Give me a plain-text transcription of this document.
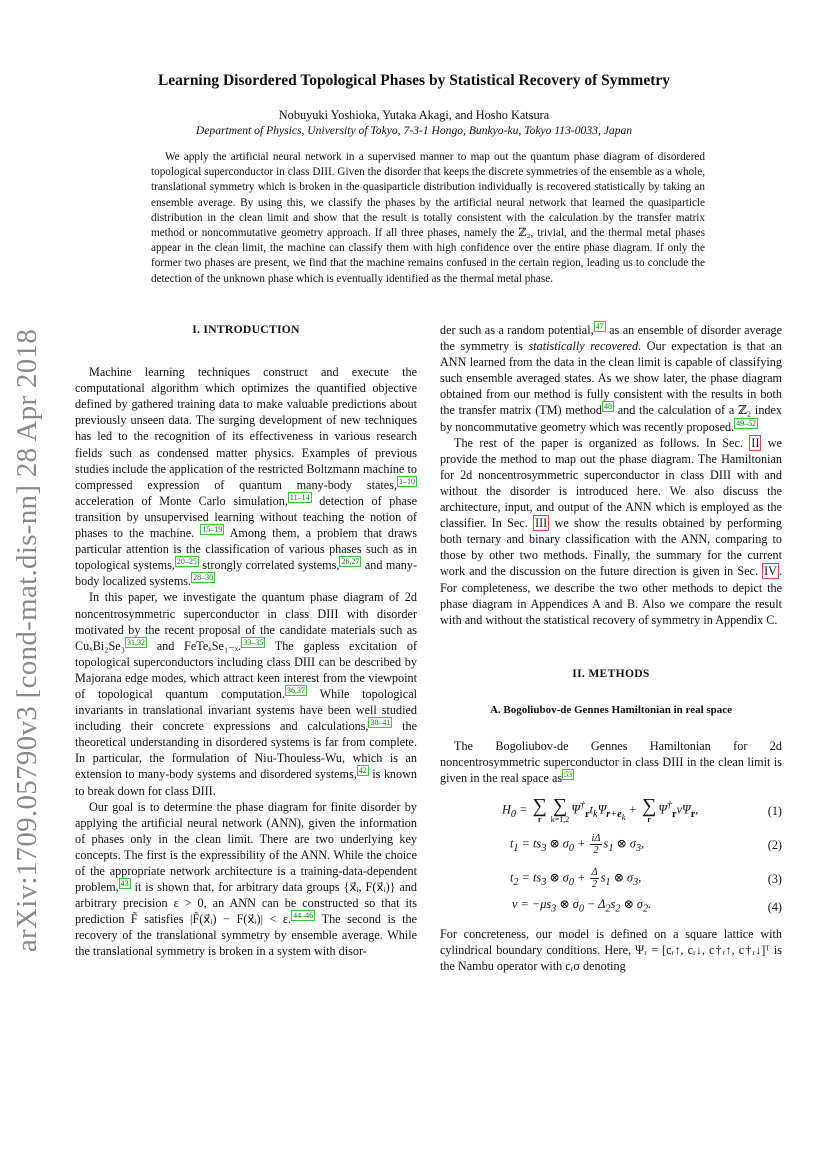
arXiv:1709.05790v3 [cond-mat.dis-nn] 28 Apr 2018
Learning Disordered Topological Phases by Statistical Recovery of Symmetry
Nobuyuki Yoshioka, Yutaka Akagi, and Hosho Katsura
Department of Physics, University of Tokyo, 7-3-1 Hongo, Bunkyo-ku, Tokyo 113-0033, Japan

We apply the artificial neural network in a supervised manner to map out the quantum phase diagram of disordered topological superconductor in class DIII. Given the disorder that keeps the discrete symmetries of the ensemble as a whole, translational symmetry which is broken in the quasiparticle distribution individually is recovered statistically by taking an ensemble average. By using this, we classify the phases by the artificial neural network that learned the quasiparticle distribution in the clean limit and show that the result is totally consistent with the calculation by the transfer matrix method or noncommutative geometry approach. If all three phases, namely the ℤ₂, trivial, and the thermal metal phases appear in the clean limit, the machine can classify them with high confidence over the entire phase diagram. If only the former two phases are present, we find that the machine remains confused in the certain region, leading us to conclude the detection of the unknown phase which is eventually identified as the thermal metal phase.

I. INTRODUCTION

Machine learning techniques construct and execute the computational algorithm which optimizes the quantified objective defined by gathered training data to make valuable predictions about previously unseen data. The surging development of new techniques has led to the recognition of its effectiveness in various research fields such as condensed matter physics. Examples of previous studies include the application of the restricted Boltzmann machine to compressed expression of quantum many-body states, $^{1-10}$ acceleration of Monte Carlo simulation, $^{11-14}$ detection of phase transition by unsupervised learning without teaching the notion of phases to the machine. $^{15-19}$ Among them, a problem that draws particular attention is the classification of various phases such as in topological systems, $^{20-25}$ strongly correlated systems, $^{26,27}$ and many-body localized systems. $^{28-30}$

In this paper, we investigate the quantum phase diagram of 2d noncentrosymmetric superconductor in class DIII with disorder motivated by the recent proposal of the candidate materials such as CuₓBi₂Se₃ $^{31,32}$ and FeTeₓSe₁₋ₓ. $^{33-35}$ The gapless excitation of topological superconductors including class DIII can be described by Majorana edge modes, which attract keen interest from the viewpoint of topological quantum computation. $^{36,37}$ While topological invariants in translational invariant systems have been well studied including their concrete expressions and calculations, $^{38-41}$ the theoretical understanding in disordered systems is far from complete. In particular, the formulation of Niu-Thouless-Wu, which is an extension to many-body systems and disordered systems, $^{42}$ is known to break down for class DIII.

Our goal is to determine the phase diagram for finite disorder by applying the artificial neural network (ANN), given the information of phases only in the clean limit. There are two underlying key concepts. The first is the expressibility of the ANN. While the choice of the appropriate network architecture is a training-data-dependent problem, $^{43}$ it is shown that, for arbitrary data groups {x⃗ᵢ, F(x⃗ᵢ)} and arbitrary precision ε > 0, an ANN can be constructed so that its prediction F̃ satisfies |F̃(x⃗ᵢ) − F(x⃗ᵢ)| < ε. $^{44-46}$ The second is the recovery of the translational symmetry by ensemble average. While the translational symmetry is broken in a system with disor-

der such as a random potential, $^{47}$ as an ensemble of disorder average the symmetry is statistically recovered. Our expectation is that an ANN learned from the data in the clean limit is capable of classifying such ensemble averaged states. As we show later, the phase diagram obtained from our method is fully consistent with the results in both the transfer matrix (TM) method $^{48}$ and the calculation of a ℤ₂ index by noncommutative geometry which was recently proposed. $^{49-52}$

The rest of the paper is organized as follows. In Sec. II we provide the method to map out the phase diagram. The Hamiltonian for 2d noncentrosymmetric superconductor in class DIII with and without the disorder is introduced here. We also discuss the architecture, input, and output of the ANN which is employed as the classifier. In Sec. III we show the results obtained by performing both ternary and binary classification with the ANN, comparing to those by other two methods. Finally, the summary for the current work and the discussion on the future direction is given in Sec. IV . For completeness, we describe the two other methods to depict the phase diagram in Appendices A and B. Also we compare the result with and without the statistical recovery of symmetry in Appendix C.

II. METHODS
A. Bogoliubov-de Gennes Hamiltonian in real space

The Bogoliubov-de Gennes Hamiltonian for 2d noncentrosymmetric superconductor in class DIII in the clean limit is given in the real space as $^{53}$

$H_0$ = ∑
r
∑
k=1,2
$\Psi^\dagger_rt_k\Psi_{r+e_k}$ + ∑
r
$\Psi^\dagger_rv\Psi_r$,	(1)
$t_1 = ts_3$ ⊗ $\sigma_0 + \frac{i\Delta}{2} s_1$ ⊗ $\sigma_3$,	(2)
$t_2 = ts_3$ ⊗ $\sigma_0 + \frac{\Delta}{2} s_1$ ⊗ $\sigma_3$,	(3)
$v = -\mu s_3$ ⊗ $\sigma_0 - \Delta_2s_2$ ⊗ $\sigma_2$.	(4)

For concreteness, our model is defined on a square lattice with cylindrical boundary conditions. Here, Ψᵣ = [cᵣ↑, cᵣ↓, c†ᵣ↑, c†ᵣ↓]ᵀ is the Nambu operator with cᵣσ denoting
